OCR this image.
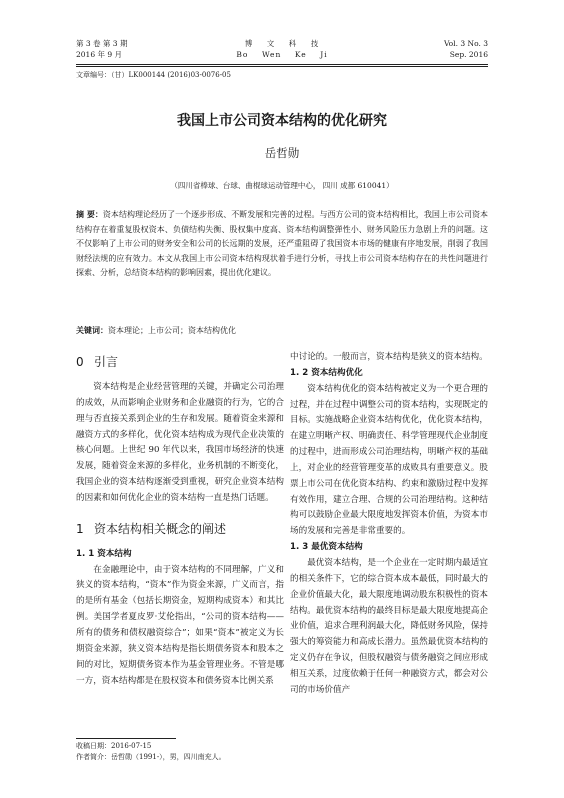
第 3 卷 第 3 期
2016 年 9 月
博    文    科    技
Bo    Wen    Ke    Ji
Vol. 3 No. 3
Sep. 2016
文章编号：（甘）LK000144 (2016)03-0076-05
我国上市公司资本结构的优化研究
岳哲勋
（四川省棒球、台球、曲棍球运动管理中心， 四川 成都 610041）
摘 要：资本结构理论经历了一个逐步形成、不断发展和完善的过程。与西方公司的资本结构相比，我国上市公司资本结构存在着重复股权资本、负债结构失衡、股权集中度高、资本结构调整弹性小、财务风险压力急剧上升的问题。这不仅影响了上市公司的财务安全和公司的长远期的发展，还严重阻碍了我国资本市场的健康有序地发展，削弱了我国财经法规的应有效力。本文从我国上市公司资本结构现状着手进行分析，寻找上市公司资本结构存在的共性问题进行探索、分析，总结资本结构的影响因素，提出优化建议。
关键词：资本理论；上市公司；资本结构优化
0 引言

资本结构是企业经营管理的关键，并确定公司治理的成效，从而影响企业财务和企业融资的行为，它的合理与否直接关系到企业的生存和发展。随着资金来源和融资方式的多样化，优化资本结构成为现代企业决策的核心问题。上世纪 90 年代以来，我国市场经济的快速发展，随着资金来源的多样化，业务机制的不断变化，我国企业的资本结构逐渐受到重视，研究企业资本结构的因素和如何优化企业的资本结构一直是热门话题。

1 资本结构相关概念的阐述
1. 1 资本结构

在金融理论中，由于资本结构的不同理解，广义和狭义的资本结构，“资本”作为资金来源，广义而言，指的是所有基金（包括长期资金，短期构成资本）和其比例。美国学者夏皮罗·艾伦指出，“公司的资本结构——所有的债务和债权融资综合”；如果“资本”被定义为长期资金来源，狭义资本结构是指长期债务资本和股本之间的对比，短期债务资本作为基金管理业务。不管是哪一方，资本结构都是在股权资本和债务资本比例关系

中讨论的。一般而言，资本结构是狭义的资本结构。

1. 2 资本结构优化

资本结构优化的资本结构被定义为一个更合理的过程，并在过程中调整公司的资本结构，实现既定的目标。实施战略企业资本结构优化，优化资本结构，在建立明晰产权、明确责任、科学管理现代企业制度的过程中，进而形成公司治理结构，明晰产权的基础上，对企业的经营管理变革的成败具有重要意义。股票上市公司在优化资本结构、约束和激励过程中发挥有效作用，建立合理、合规的公司治理结构。这种结构可以鼓励企业最大限度地发挥资本价值，为资本市场的发展和完善是非常重要的。

1. 3 最优资本结构

最优资本结构，是一个企业在一定时期内最适宜的相关条件下，它的综合资本成本最低，同时最大的企业价值最大化，最大限度地调动股东积极性的资本结构。最优资本结构的最终目标是最大限度地提高企业价值，追求合理利润最大化，降低财务风险，保持强大的筹资能力和高成长潜力。虽然最优资本结构的定义仍存在争议，但股权融资与债务融资之间应形成相互关系，过度依赖于任何一种融资方式，都会对公司的市场价值产

收稿日期：2016-07-15
作者简介：岳哲勋（1991-），男，四川南充人。
